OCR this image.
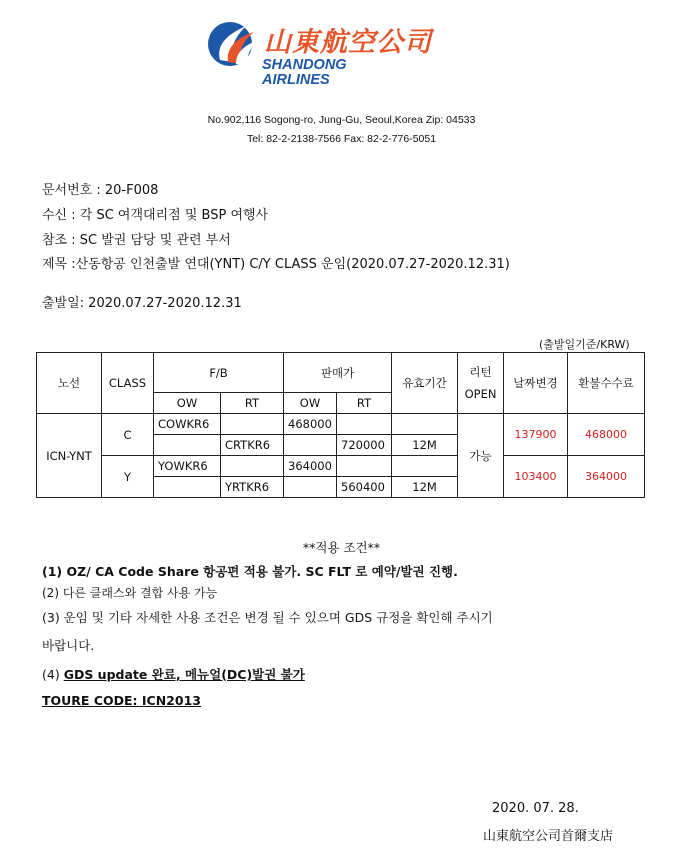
山東航空公司
SHANDONG
AIRLINES
No.902,116 Sogong-ro, Jung-Gu, Seoul,Korea Zip: 04533
Tel: 82-2-2138-7566 Fax: 82-2-776-5051
문서번호 : 20-F008
수신 : 각 SC 여객대리점 및 BSP 여행사
참조 : SC 발권 담당 및 관련 부서
제목 :산동항공 인천출발 연대(YNT) C/Y CLASS 운임(2020.07.27-2020.12.31)
출발일: 2020.07.27-2020.12.31
(출발일기준/KRW)
노선	CLASS	F/B		판매가		유효기간	리턴
OPEN	날짜변경	환불수수료
		OW	RT	OW	RT				
ICN-YNT	C	COWKR6		468000			가능	137900	468000
			CRTKR6		720000	12M			
	Y	YOWKR6		364000				103400	364000
			YRTKR6		560400	12M			
**적용 조건**
(1) OZ/ CA Code Share 항공편 적용 불가. SC FLT 로 예약/발권 진행.
(2) 다른 클래스와 결합 사용 가능
(3) 운임 및 기타 자세한 사용 조건은 변경 될 수 있으며 GDS 규정을 확인해 주시기
바랍니다.
(4) GDS update 완료, 메뉴얼(DC)발권 불가
TOURE CODE: ICN2013
2020. 07. 28.
山東航空公司首爾支店
